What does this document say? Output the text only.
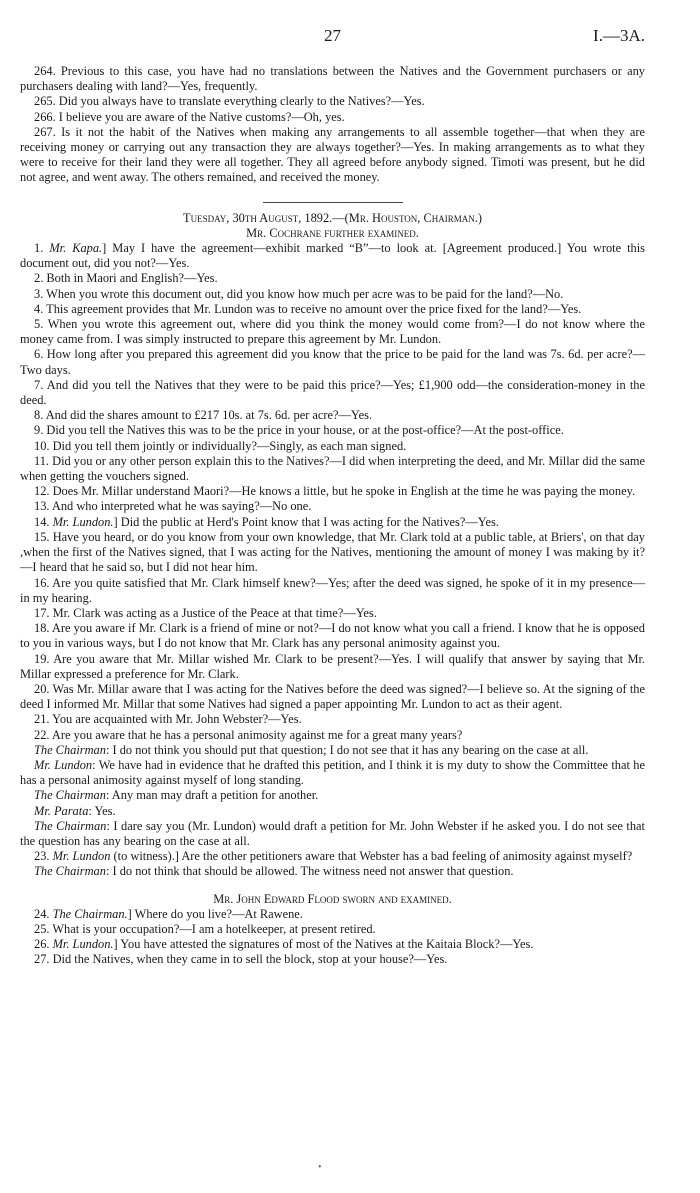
27	I.—3A.

264. Previous to this case, you have had no translations between the Natives and the Government purchasers or any purchasers dealing with land?—Yes, frequently.

265. Did you always have to translate everything clearly to the Natives?—Yes.

266. I believe you are aware of the Native customs?—Oh, yes.

267. Is it not the habit of the Natives when making any arrangements to all assemble together—that when they are receiving money or carrying out any transaction they are always together?—Yes. In making arrangements as to what they were to receive for their land they were all together. They all agreed before anybody signed. Timoti was present, but he did not agree, and went away. The others remained, and received the money.

Tuesday, 30th August, 1892.—(Mr. Houston, Chairman.)
Mr. Cochrane further examined.

1. Mr. Kapa.] May I have the agreement—exhibit marked “B”—to look at. [Agreement produced.] You wrote this document out, did you not?—Yes.

2. Both in Maori and English?—Yes.

3. When you wrote this document out, did you know how much per acre was to be paid for the land?—No.

4. This agreement provides that Mr. Lundon was to receive no amount over the price fixed for the land?—Yes.

5. When you wrote this agreement out, where did you think the money would come from?—I do not know where the money came from. I was simply instructed to prepare this agreement by Mr. Lundon.

6. How long after you prepared this agreement did you know that the price to be paid for the land was 7s. 6d. per acre?—Two days.

7. And did you tell the Natives that they were to be paid this price?—Yes; £1,900 odd—the consideration-money in the deed.

8. And did the shares amount to £217 10s. at 7s. 6d. per acre?—Yes.

9. Did you tell the Natives this was to be the price in your house, or at the post-office?—At the post-office.

10. Did you tell them jointly or individually?—Singly, as each man signed.

11. Did you or any other person explain this to the Natives?—I did when interpreting the deed, and Mr. Millar did the same when getting the vouchers signed.

12. Does Mr. Millar understand Maori?—He knows a little, but he spoke in English at the time he was paying the money.

13. And who interpreted what he was saying?—No one.

14. Mr. Lundon.] Did the public at Herd's Point know that I was acting for the Natives?—Yes.

15. Have you heard, or do you know from your own knowledge, that Mr. Clark told at a public table, at Briers', on that day ,when the first of the Natives signed, that I was acting for the Natives, mentioning the amount of money I was making by it?—I heard that he said so, but I did not hear him.

16. Are you quite satisfied that Mr. Clark himself knew?—Yes; after the deed was signed, he spoke of it in my presence—in my hearing.

17. Mr. Clark was acting as a Justice of the Peace at that time?—Yes.

18. Are you aware if Mr. Clark is a friend of mine or not?—I do not know what you call a friend. I know that he is opposed to you in various ways, but I do not know that Mr. Clark has any personal animosity against you.

19. Are you aware that Mr. Millar wished Mr. Clark to be present?—Yes. I will qualify that answer by saying that Mr. Millar expressed a preference for Mr. Clark.

20. Was Mr. Millar aware that I was acting for the Natives before the deed was signed?—I believe so. At the signing of the deed I informed Mr. Millar that some Natives had signed a paper appointing Mr. Lundon to act as their agent.

21. You are acquainted with Mr. John Webster?—Yes.

22. Are you aware that he has a personal animosity against me for a great many years?

The Chairman: I do not think you should put that question; I do not see that it has any bearing on the case at all.

Mr. Lundon: We have had in evidence that he drafted this petition, and I think it is my duty to show the Committee that he has a personal animosity against myself of long standing.

The Chairman: Any man may draft a petition for another.

Mr. Parata: Yes.

The Chairman: I dare say you (Mr. Lundon) would draft a petition for Mr. John Webster if he asked you. I do not see that the question has any bearing on the case at all.

23. Mr. Lundon (to witness).] Are the other petitioners aware that Webster has a bad feeling of animosity against myself?

The Chairman: I do not think that should be allowed. The witness need not answer that question.

Mr. John Edward Flood sworn and examined.

24. The Chairman.] Where do you live?—At Rawene.

25. What is your occupation?—I am a hotelkeeper, at present retired.

26. Mr. Lundon.] You have attested the signatures of most of the Natives at the Kaitaia Block?—Yes.

27. Did the Natives, when they came in to sell the block, stop at your house?—Yes.

•
